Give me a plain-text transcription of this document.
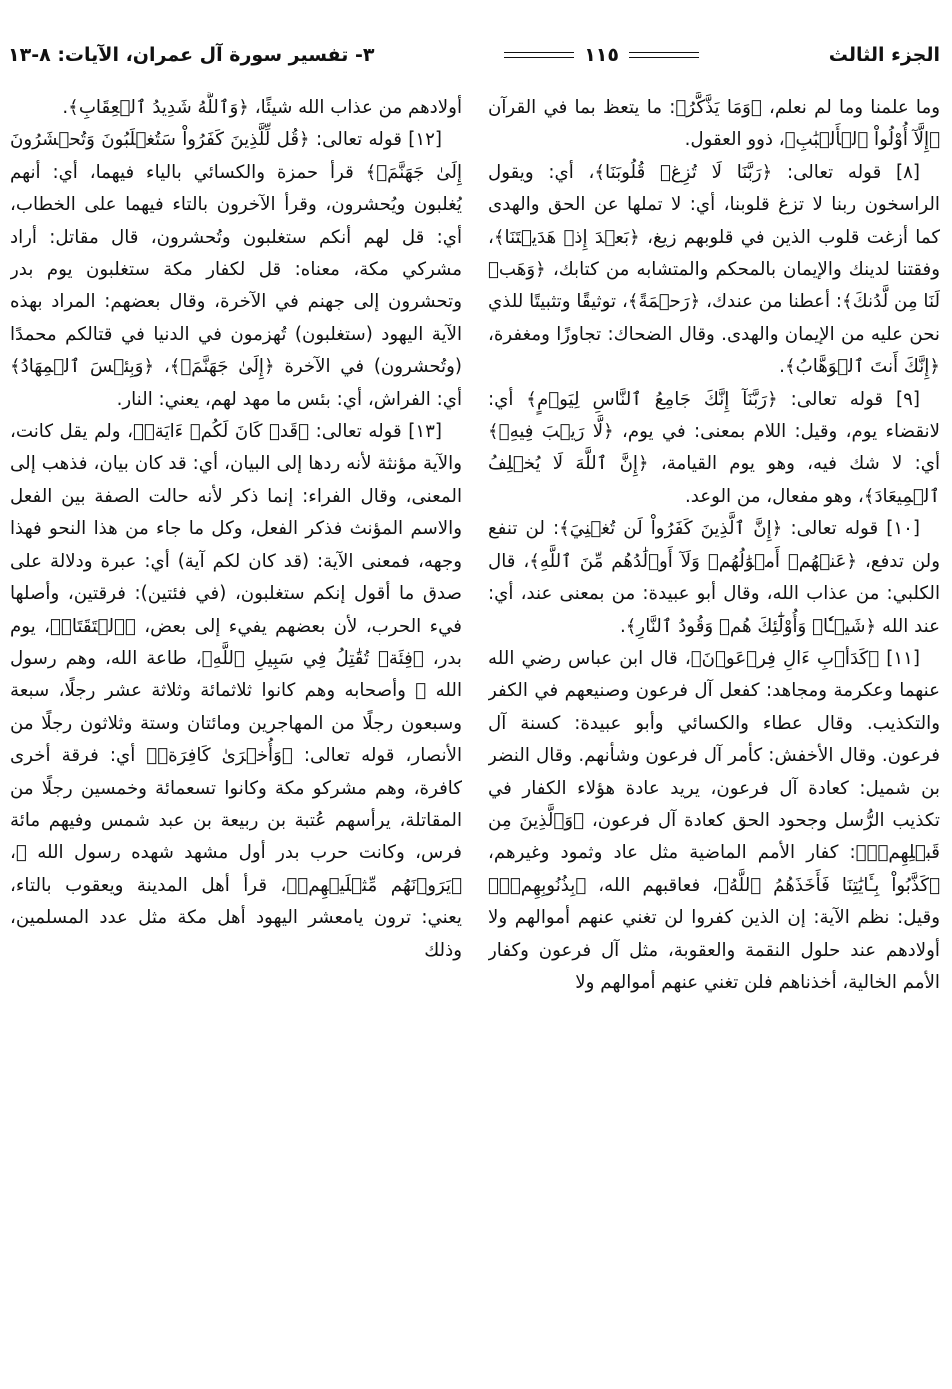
الجزء الثالث
١١٥
٣- تفسير سورة آل عمران، الآيات: ٨-١٣

وما علمنا وما لم نعلم، ﴿وَمَا يَذَّكَّرُ﴾: ما يتعظ بما في القرآن ﴿إِلَّآ أُوْلُواْ ٱلۡأَلۡبَٰبِ﴾، ذوو العقول.

[٨] قوله تعالى: ﴿رَبَّنَا لَا تُزِغۡ قُلُوبَنَا﴾، أي: ويقول الراسخون ربنا لا تزغ قلوبنا، أي: لا تملها عن الحق والهدى كما أزغت قلوب الذين في قلوبهم زيغ، ﴿بَعۡدَ إِذۡ هَدَيۡتَنَا﴾، وفقتنا لدينك والإيمان بالمحكم والمتشابه من كتابك، ﴿وَهَبۡ لَنَا مِن لَّدُنكَ﴾: أعطنا من عندك، ﴿رَحۡمَةً﴾، توثيقًا وتثبيتًا للذي نحن عليه من الإيمان والهدى. وقال الضحاك: تجاوزًا ومغفرة، ﴿إِنَّكَ أَنتَ ٱلۡوَهَّابُ﴾.

[٩] قوله تعالى: ﴿رَبَّنَآ إِنَّكَ جَامِعُ ٱلنَّاسِ لِيَوۡمٍ﴾ أي: لانقضاء يوم، وقيل: اللام بمعنى: في يوم، ﴿لَّا رَيۡبَ فِيهِۚ﴾ أي: لا شك فيه، وهو يوم القيامة، ﴿إِنَّ ٱللَّهَ لَا يُخۡلِفُ ٱلۡمِيعَادَ﴾، وهو مفعال، من الوعد.

[١٠] قوله تعالى: ﴿إِنَّ ٱلَّذِينَ كَفَرُواْ لَن تُغۡنِيَ﴾: لن تنفع ولن تدفع، ﴿عَنۡهُمۡ أَمۡوَٰلُهُمۡ وَلَآ أَوۡلَٰدُهُم مِّنَ ٱللَّهِ﴾، قال الكلبي: من عذاب الله، وقال أبو عبيدة: من بمعنى عند، أي: عند الله ﴿شَيۡـٔٗاۖ وَأُوْلَٰٓئِكَ هُمۡ وَقُودُ ٱلنَّارِ﴾.

[١١] ﴿كَدَأۡبِ ءَالِ فِرۡعَوۡنَ﴾، قال ابن عباس رضي الله عنهما وعكرمة ومجاهد: كفعل آل فرعون وصنيعهم في الكفر والتكذيب. وقال عطاء والكسائي وأبو عبيدة: كسنة آل فرعون. وقال الأخفش: كأمر آل فرعون وشأنهم. وقال النضر بن شميل: كعادة آل فرعون، يريد عادة هؤلاء الكفار في تكذيب الرُّسل وجحود الحق كعادة آل فرعون، ﴿وَٱلَّذِينَ مِن قَبۡلِهِمۡۚ﴾: كفار الأمم الماضية مثل عاد وثمود وغيرهم، ﴿كَذَّبُواْ بِـَٔايَٰتِنَا فَأَخَذَهُمُ ٱللَّهُ﴾، فعاقبهم الله، ﴿بِذُنُوبِهِمۡۗ﴾ وقيل: نظم الآية: إن الذين كفروا لن تغني عنهم أموالهم ولا أولادهم عند حلول النقمة والعقوبة، مثل آل فرعون وكفار الأمم الخالية، أخذناهم فلن تغني عنهم أموالهم ولا

أولادهم من عذاب الله شيئًا، ﴿وَٱللَّهُ شَدِيدُ ٱلۡعِقَابِ﴾.

[١٢] قوله تعالى: ﴿قُل لِّلَّذِينَ كَفَرُواْ سَتُغۡلَبُونَ وَتُحۡشَرُونَ إِلَىٰ جَهَنَّمَۖ﴾ قرأ حمزة والكسائي بالياء فيهما، أي: أنهم يُغلبون ويُحشرون، وقرأ الآخرون بالتاء فيهما على الخطاب، أي: قل لهم أنكم ستغلبون وتُحشرون، قال مقاتل: أراد مشركي مكة، معناه: قل لكفار مكة ستغلبون يوم بدر وتحشرون إلى جهنم في الآخرة، وقال بعضهم: المراد بهذه الآية اليهود (ستغلبون) تُهزمون في الدنيا في قتالكم محمدًا (وتُحشرون) في الآخرة ﴿إِلَىٰ جَهَنَّمَۖ﴾، ﴿وَبِئۡسَ ٱلۡمِهَادُ﴾ أي: الفراش، أي: بئس ما مهد لهم، يعني: النار.

[١٣] قوله تعالى: ﴿قَدۡ كَانَ لَكُمۡ ءَايَةٞ﴾، ولم يقل كانت، والآية مؤنثة لأنه ردها إلى البيان، أي: قد كان بيان، فذهب إلى المعنى، وقال الفراء: إنما ذكر لأنه حالت الصفة بين الفعل والاسم المؤنث فذكر الفعل، وكل ما جاء من هذا النحو فهذا وجهه، فمعنى الآية: (قد كان لكم آية) أي: عبرة ودلالة على صدق ما أقول إنكم ستغلبون، (في فئتين): فرقتين، وأصلها فيء الحرب، لأن بعضهم يفيء إلى بعض، ﴿ٱلۡتَقَتَاۖ﴾، يوم بدر، ﴿فِئَةٞ تُقَٰتِلُ فِي سَبِيلِ ٱللَّهِ﴾، طاعة الله، وهم رسول الله ﷺ وأصحابه وهم كانوا ثلاثمائة وثلاثة عشر رجلًا، سبعة وسبعون رجلًا من المهاجرين ومائتان وستة وثلاثون رجلًا من الأنصار، قوله تعالى: ﴿وَأُخۡرَىٰ كَافِرَةٞ﴾ أي: فرقة أخرى كافرة، وهم مشركو مكة وكانوا تسعمائة وخمسين رجلًا من المقاتلة، يرأسهم عُتبة بن ربيعة بن عبد شمس وفيهم مائة فرس، وكانت حرب بدر أول مشهد شهده رسول الله ﷺ، ﴿يَرَوۡنَهُم مِّثۡلَيۡهِمۡ﴾، قرأ أهل المدينة ويعقوب بالتاء، يعني: ترون يامعشر اليهود أهل مكة مثل عدد المسلمين، وذلك
